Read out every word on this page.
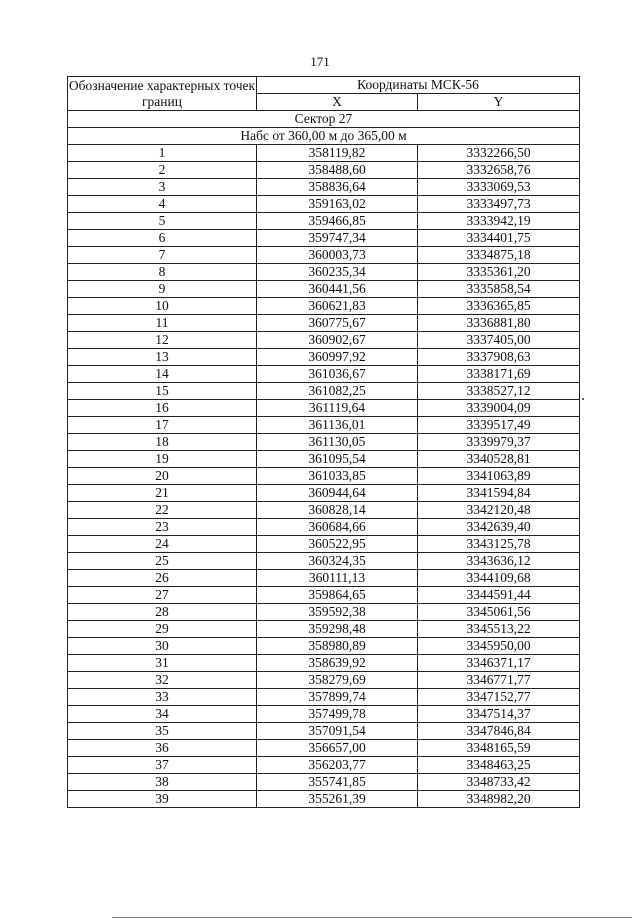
171
Обозначение характерных точек границ	Координаты МСК-56	
	X	Y
Сектор 27		
Набс от 360,00 м до 365,00 м		
1	358119,82	3332266,50
2	358488,60	3332658,76
3	358836,64	3333069,53
4	359163,02	3333497,73
5	359466,85	3333942,19
6	359747,34	3334401,75
7	360003,73	3334875,18
8	360235,34	3335361,20
9	360441,56	3335858,54
10	360621,83	3336365,85
11	360775,67	3336881,80
12	360902,67	3337405,00
13	360997,92	3337908,63
14	361036,67	3338171,69
15	361082,25	3338527,12
16	361119,64	3339004,09
17	361136,01	3339517,49
18	361130,05	3339979,37
19	361095,54	3340528,81
20	361033,85	3341063,89
21	360944,64	3341594,84
22	360828,14	3342120,48
23	360684,66	3342639,40
24	360522,95	3343125,78
25	360324,35	3343636,12
26	360111,13	3344109,68
27	359864,65	3344591,44
28	359592,38	3345061,56
29	359298,48	3345513,22
30	358980,89	3345950,00
31	358639,92	3346371,17
32	358279,69	3346771,77
33	357899,74	3347152,77
34	357499,78	3347514,37
35	357091,54	3347846,84
36	356657,00	3348165,59
37	356203,77	3348463,25
38	355741,85	3348733,42
39	355261,39	3348982,20
